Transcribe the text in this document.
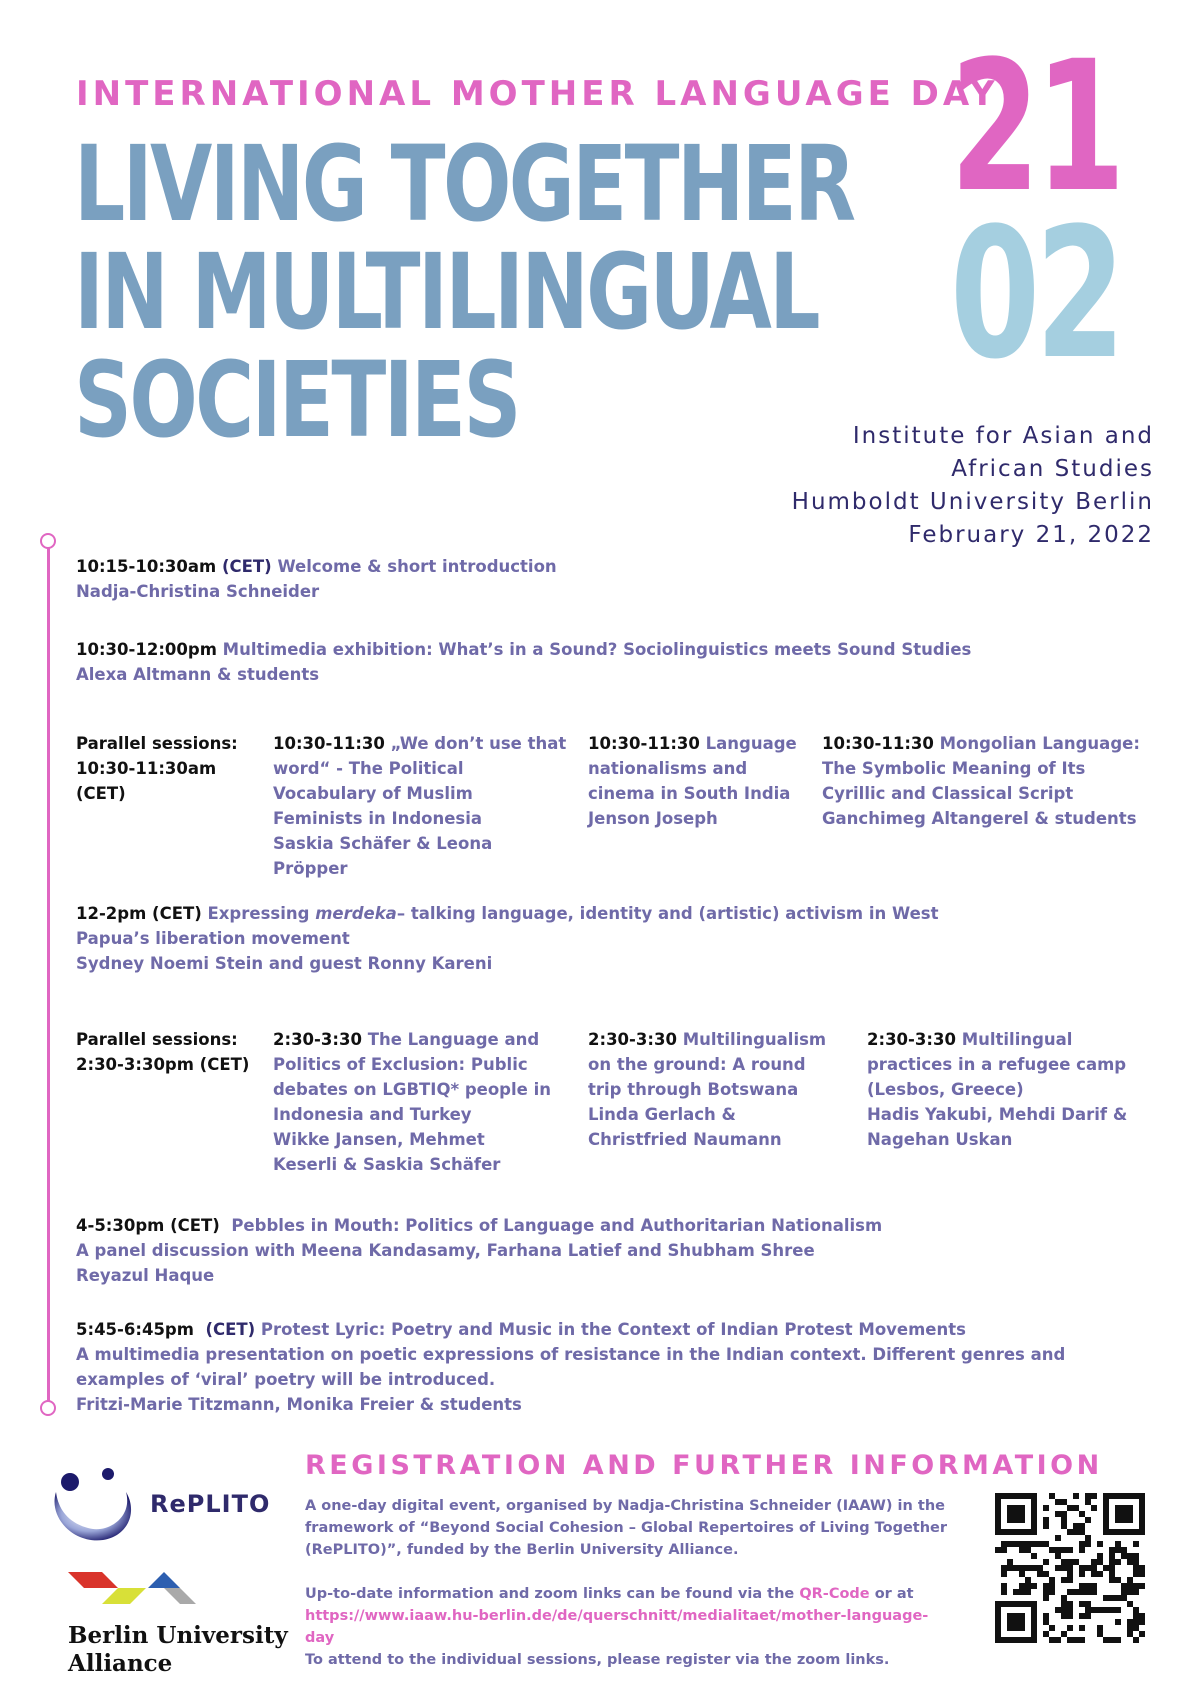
INTERNATIONAL MOTHER LANGUAGE DAY
LIVING TOGETHER
IN MULTILINGUAL
SOCIETIES
21
02
Institute for Asian and
African Studies
Humboldt University Berlin
February 21, 2022
10:15-10:30am (CET) Welcome & short introduction
Nadja-Christina Schneider
10:30-12:00pm Multimedia exhibition: What’s in a Sound? Sociolinguistics meets Sound Studies
Alexa Altmann & students
Parallel sessions:
10:30-11:30am (CET)
10:30-11:30 „We don’t use that word“ - The Political Vocabulary of Muslim Feminists in Indonesia
Saskia Schäfer & Leona Pröpper
10:30-11:30 Language nationalisms and cinema in South India
Jenson Joseph
10:30-11:30 Mongolian Language: The Symbolic Meaning of Its Cyrillic and Classical Script
Ganchimeg Altangerel & students
12-2pm (CET) Expressing merdeka– talking language, identity and (artistic) activism in West Papua’s liberation movement
Sydney Noemi Stein and guest Ronny Kareni
Parallel sessions:
2:30-3:30pm (CET)
2:30-3:30 The Language and Politics of Exclusion: Public debates on LGBTIQ* people in Indonesia and Turkey
Wikke Jansen, Mehmet Keserli & Saskia Schäfer
2:30-3:30 Multilingualism on the ground: A round trip through Botswana
Linda Gerlach & Christfried Naumann
2:30-3:30 Multilingual practices in a refugee camp (Lesbos, Greece)
Hadis Yakubi, Mehdi Darif & Nagehan Uskan
4-5:30pm (CET) Pebbles in Mouth: Politics of Language and Authoritarian Nationalism
A panel discussion with Meena Kandasamy, Farhana Latief and Shubham Shree
Reyazul Haque
5:45-6:45pm (CET) Protest Lyric: Poetry and Music in the Context of Indian Protest Movements
A multimedia presentation on poetic expressions of resistance in the Indian context. Different genres and examples of ‘viral’ poetry will be introduced.
Fritzi-Marie Titzmann, Monika Freier & students
RePLITO
Berlin University
Alliance
REGISTRATION AND FURTHER INFORMATION
A one-day digital event, organised by Nadja-Christina Schneider (IAAW) in the framework of “Beyond Social Cohesion – Global Repertoires of Living Together (RePLITO)”, funded by the Berlin University Alliance.
Up-to-date information and zoom links can be found via the QR-Code or at
https://www.iaaw.hu-berlin.de/de/querschnitt/medialitaet/mother-language-day
To attend to the individual sessions, please register via the zoom links.
